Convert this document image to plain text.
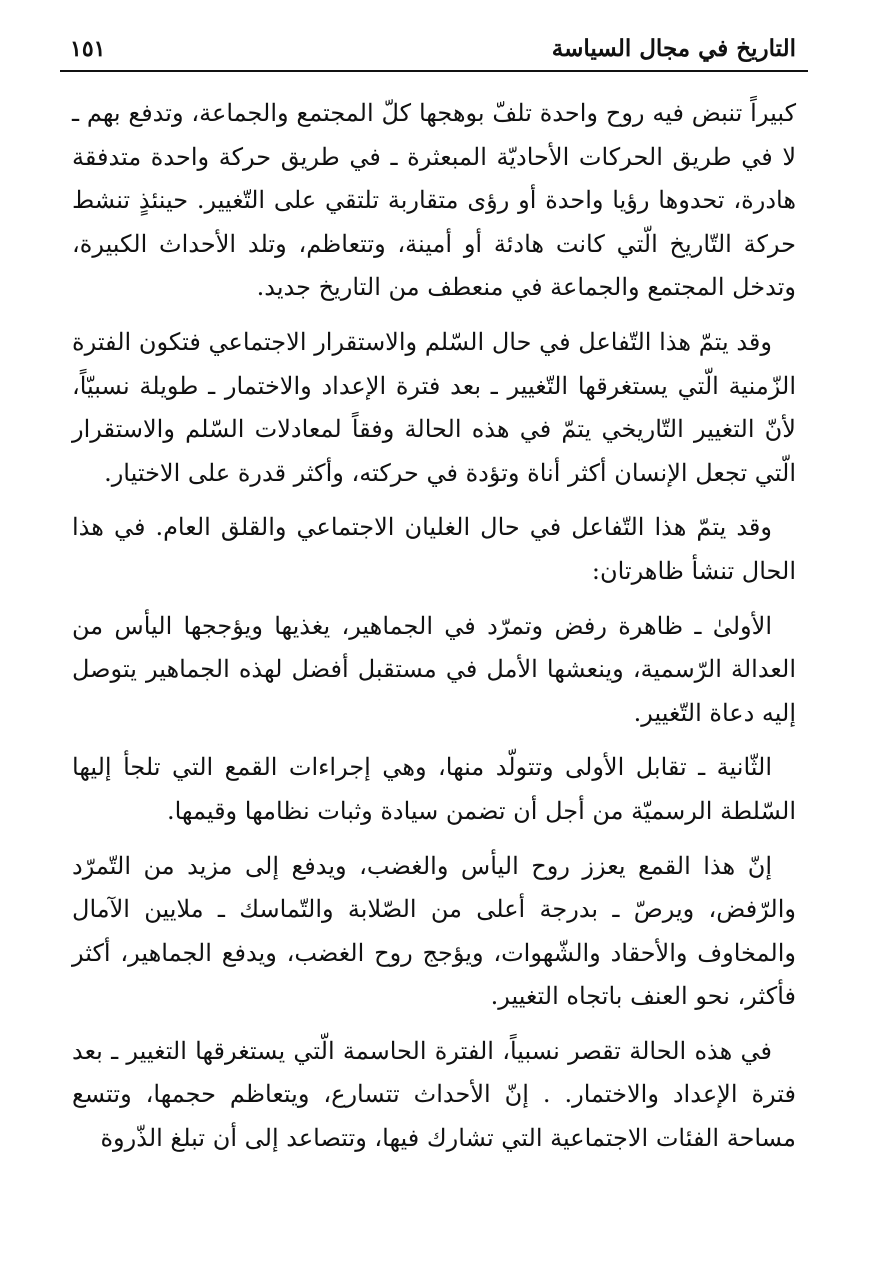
التاريخ في مجال السياسة
١٥١

كبيراً تنبض فيه روح واحدة تلفّ بوهجها كلّ المجتمع والجماعة، وتدفع بهم ـ لا في طريق الحركات الأحاديّة المبعثرة ـ في طريق حركة واحدة متدفقة هادرة، تحدوها رؤيا واحدة أو رؤى متقاربة تلتقي على التّغيير. حينئذٍ تنشط حركة التّاريخ الّتي كانت هادئة أو أمينة، وتتعاظم، وتلد الأحداث الكبيرة، وتدخل المجتمع والجماعة في منعطف من التاريخ جديد.

وقد يتمّ هذا التّفاعل في حال السّلم والاستقرار الاجتماعي فتكون الفترة الزّمنية الّتي يستغرقها التّغيير ـ بعد فترة الإعداد والاختمار ـ طويلة نسبيّاً، لأنّ التغيير التّاريخي يتمّ في هذه الحالة وفقاً لمعادلات السّلم والاستقرار الّتي تجعل الإنسان أكثر أناة وتؤدة في حركته، وأكثر قدرة على الاختيار.

وقد يتمّ هذا التّفاعل في حال الغليان الاجتماعي والقلق العام. في هذا الحال تنشأ ظاهرتان:

الأولىٰ ـ ظاهرة رفض وتمرّد في الجماهير، يغذيها ويؤججها اليأس من العدالة الرّسمية، وينعشها الأمل في مستقبل أفضل لهذه الجماهير يتوصل إليه دعاة التّغيير.

الثّانية ـ تقابل الأولى وتتولّد منها، وهي إجراءات القمع التي تلجأ إليها السّلطة الرسميّة من أجل أن تضمن سيادة وثبات نظامها وقيمها.

إنّ هذا القمع يعزز روح اليأس والغضب، ويدفع إلى مزيد من التّمرّد والرّفض، ويرصّ ـ بدرجة أعلى من الصّلابة والتّماسك ـ ملايين الآمال والمخاوف والأحقاد والشّهوات، ويؤجج روح الغضب، ويدفع الجماهير، أكثر فأكثر، نحو العنف باتجاه التغيير.

في هذه الحالة تقصر نسبياً، الفترة الحاسمة الّتي يستغرقها التغيير ـ بعد فترة الإعداد والاختمار. . إنّ الأحداث تتسارع، ويتعاظم حجمها، وتتسع مساحة الفئات الاجتماعية التي تشارك فيها، وتتصاعد إلى أن تبلغ الذّروة
